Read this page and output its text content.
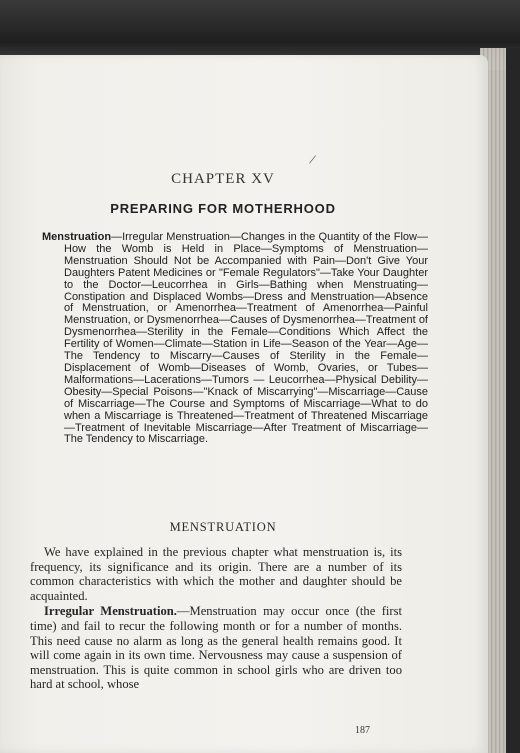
/
CHAPTER XV
PREPARING FOR MOTHERHOOD
Menstruation—Irregular Menstruation—Changes in the Quantity of the Flow—How the Womb is Held in Place—Symptoms of Menstruation—Menstruation Should Not be Accompanied with Pain—Don't Give Your Daughters Patent Medicines or "Female Regulators"—Take Your Daughter to the Doctor—Leucorrhea in Girls—Bathing when Menstruating—Constipation and Displaced Wombs—Dress and Menstruation—Absence of Menstruation, or Amenorrhea—Treatment of Amenorrhea—Painful Menstruation, or Dysmenorrhea—Causes of Dysmenorrhea—Treatment of Dysmenorrhea—Sterility in the Female—Conditions Which Affect the Fertility of Women—Climate—Station in Life—Season of the Year—Age—The Tendency to Miscarry—Causes of Sterility in the Female—Displacement of Womb—Diseases of Womb, Ovaries, or Tubes—Malformations—Lacerations—Tumors — Leucorrhea—Physical Debility—Obesity—Special Poisons—"Knack of Miscarrying"—Miscarriage—Cause of Miscarriage—The Course and Symptoms of Miscarriage—What to do when a Miscarriage is Threatened—Treatment of Threatened Miscarriage—Treatment of Inevitable Miscarriage—After Treatment of Miscarriage—The Tendency to Miscarriage.
MENSTRUATION

We have explained in the previous chapter what menstruation is, its frequency, its significance and its origin. There are a number of its common characteristics with which the mother and daughter should be acquainted.

Irregular Menstruation.—Menstruation may occur once (the first time) and fail to recur the following month or for a number of months. This need cause no alarm as long as the general health remains good. It will come again in its own time. Nervousness may cause a suspension of menstruation. This is quite common in school girls who are driven too hard at school, whose

187
